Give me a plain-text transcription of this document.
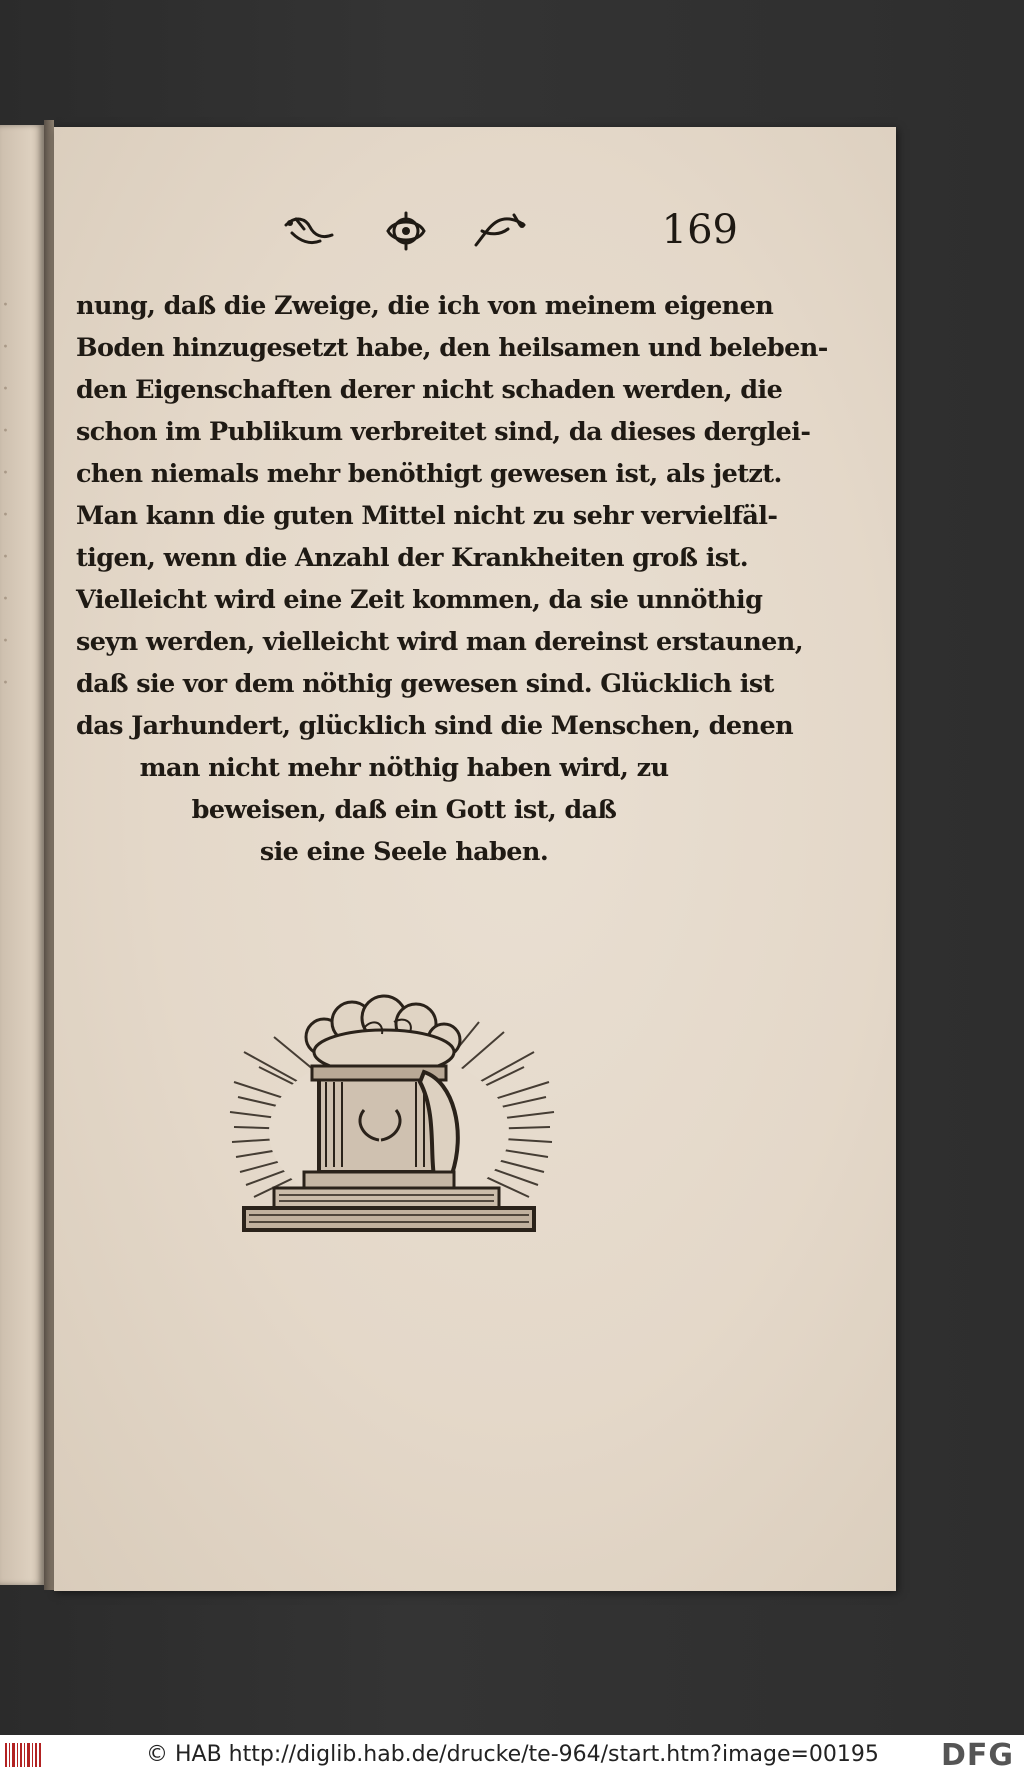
·
·
·
·
·
·
·
·
·
·
169
nung, daß die Zweige, die ich von meinem eigenen
Boden hinzugesetzt habe, den heilsamen und beleben-
den Eigenschaften derer nicht schaden werden, die
schon im Publikum verbreitet sind, da dieses derglei-
chen niemals mehr benöthigt gewesen ist, als jetzt.
Man kann die guten Mittel nicht zu sehr vervielfäl-
tigen, wenn die Anzahl der Krankheiten groß ist.
Vielleicht wird eine Zeit kommen, da sie unnöthig
seyn werden, vielleicht wird man dereinst erstaunen,
daß sie vor dem nöthig gewesen sind. Glücklich ist
das Jarhundert, glücklich sind die Menschen, denen
man nicht mehr nöthig haben wird, zu
beweisen, daß ein Gott ist, daß
sie eine Seele haben.
© HAB http://diglib.hab.de/drucke/te-964/start.htm?image=00195 DFG
